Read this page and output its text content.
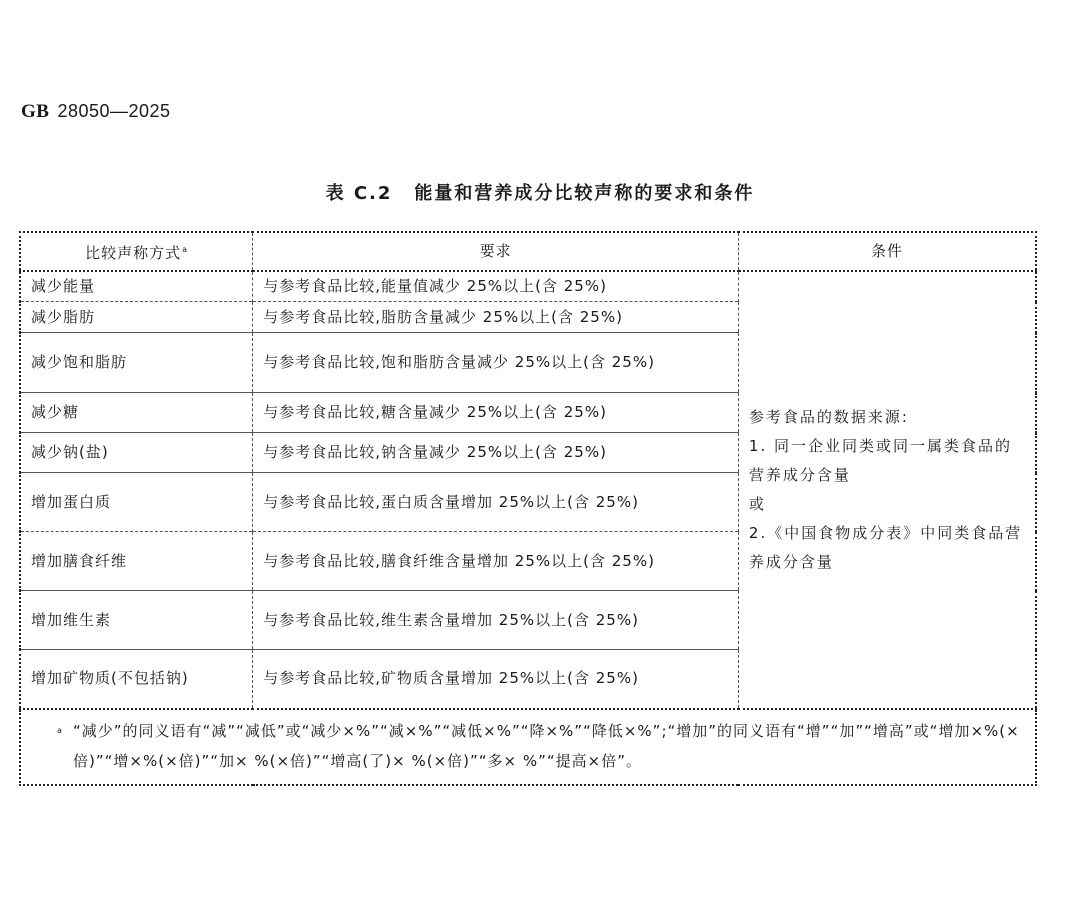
GB 28050—2025
表 C.2 能量和营养成分比较声称的要求和条件
比较声称方式$^a$	要求	条件
减少能量	与参考食品比较,能量值减少 25%以上(含 25%)	参考食品的数据来源:
1. 同一企业同类或同一属类食品的营养成分含量
或
2.《中国食物成分表》中同类食品营养成分含量

减少脂肪	与参考食品比较,脂肪含量减少 25%以上(含 25%)	
减少饱和脂肪	与参考食品比较,饱和脂肪含量减少 25%以上(含 25%)	
减少糖	与参考食品比较,糖含量减少 25%以上(含 25%)	
减少钠(盐)	与参考食品比较,钠含量减少 25%以上(含 25%)	
增加蛋白质	与参考食品比较,蛋白质含量增加 25%以上(含 25%)	
增加膳食纤维	与参考食品比较,膳食纤维含量增加 25%以上(含 25%)	
增加维生素	与参考食品比较,维生素含量增加 25%以上(含 25%)	
增加矿物质(不包括钠)	与参考食品比较,矿物质含量增加 25%以上(含 25%)	

a “减少”的同义语有“减”“减低”或“减少×%”“减×%”“减低×%”“降×%”“降低×%”;“增加”的同义语有“增”“加”“增高”或“增加×%(×倍)”“增×%(×倍)”“加× %(×倍)”“增高(了)× %(×倍)”“多× %”“提高×倍”。		
